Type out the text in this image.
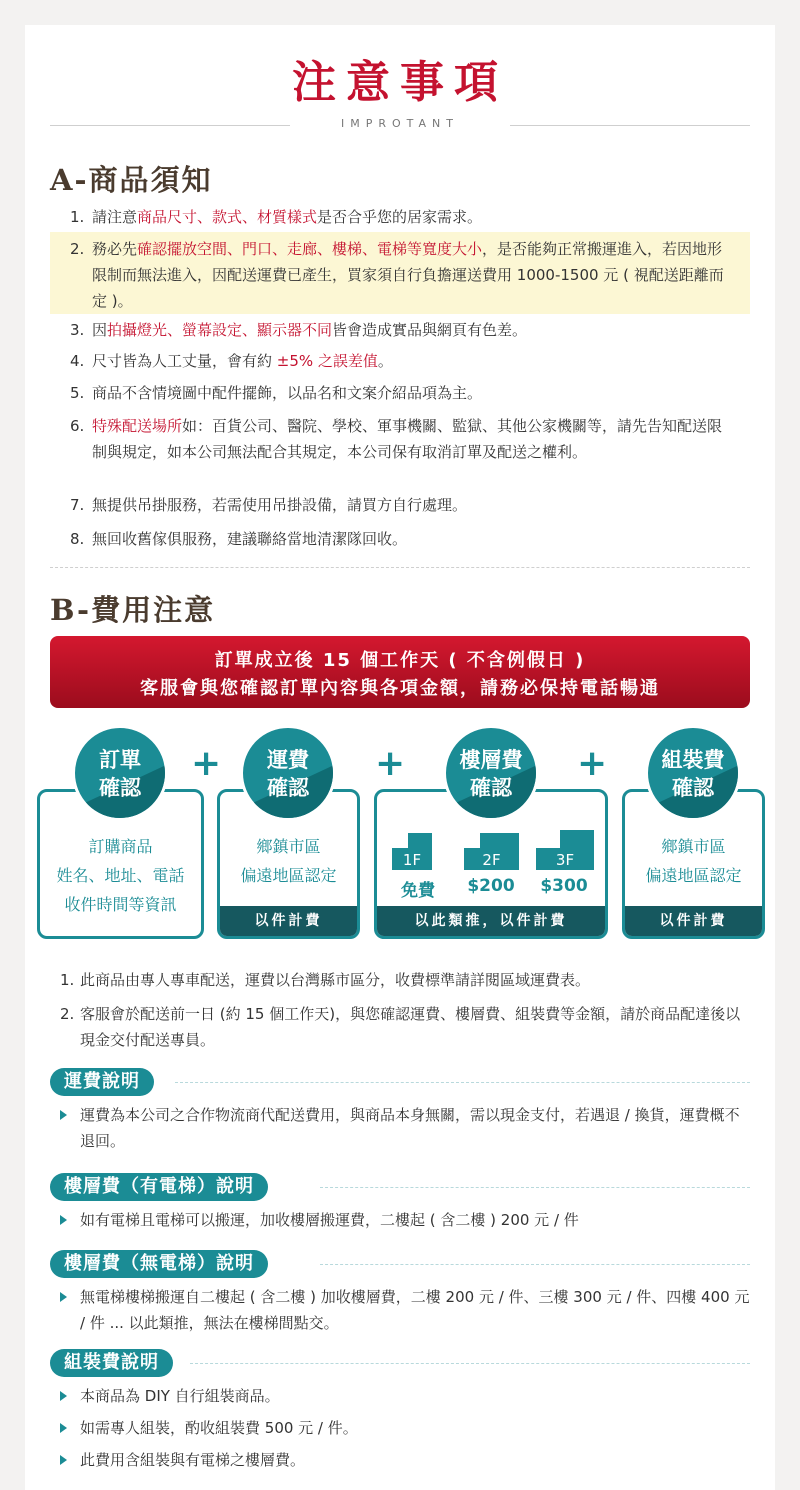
注意事項
IMPROTANT
A-商品須知
1. 請注意商品尺寸、款式、材質樣式是否合乎您的居家需求。
2. 務必先確認擺放空間、門口、走廊、樓梯、電梯等寬度大小，是否能夠正常搬運進入，若因地形限制而無法進入，因配送運費已產生，買家須自行負擔運送費用 1000-1500 元 ( 視配送距離而定 )。
3. 因拍攝燈光、螢幕設定、顯示器不同皆會造成實品與網頁有色差。
4. 尺寸皆為人工丈量，會有約 ±5% 之誤差值。
5. 商品不含情境圖中配件擺飾，以品名和文案介紹品項為主。
6. 特殊配送場所如：百貨公司、醫院、學校、軍事機關、監獄、其他公家機關等，請先告知配送限制與規定，如本公司無法配合其規定，本公司保有取消訂單及配送之權利。
7. 無提供吊掛服務，若需使用吊掛設備，請買方自行處理。
8. 無回收舊傢俱服務，建議聯絡當地清潔隊回收。
B-費用注意
訂單成立後 15 個工作天 ( 不含例假日 )
客服會與您確認訂單內容與各項金額，請務必保持電話暢通
訂單
確認
運費
確認
樓層費
確認
組裝費
確認
+	+	+
訂購商品
姓名、地址、電話
收件時間等資訊
鄉鎮市區
偏遠地區認定
鄉鎮市區
偏遠地區認定
1F	2F	3F
免費	$200	$300
以件計費	以此類推，以件計費	以件計費
1. 此商品由專人專車配送，運費以台灣縣市區分，收費標準請詳閱區域運費表。
2. 客服會於配送前一日 (約 15 個工作天)，與您確認運費、樓層費、組裝費等金額，請於商品配達後以現金交付配送專員。
運費說明
運費為本公司之合作物流商代配送費用，與商品本身無關，需以現金支付，若遇退 / 換貨，運費概不退回。
樓層費（有電梯）說明
如有電梯且電梯可以搬運，加收樓層搬運費，二樓起 ( 含二樓 ) 200 元 / 件
樓層費（無電梯）說明
無電梯樓梯搬運自二樓起 ( 含二樓 ) 加收樓層費，二樓 200 元 / 件、三樓 300 元 / 件、四樓 400 元 / 件 ... 以此類推，無法在樓梯間點交。
組裝費說明
本商品為 DIY 自行組裝商品。
如需專人組裝，酌收組裝費 500 元 / 件。
此費用含組裝與有電梯之樓層費。
